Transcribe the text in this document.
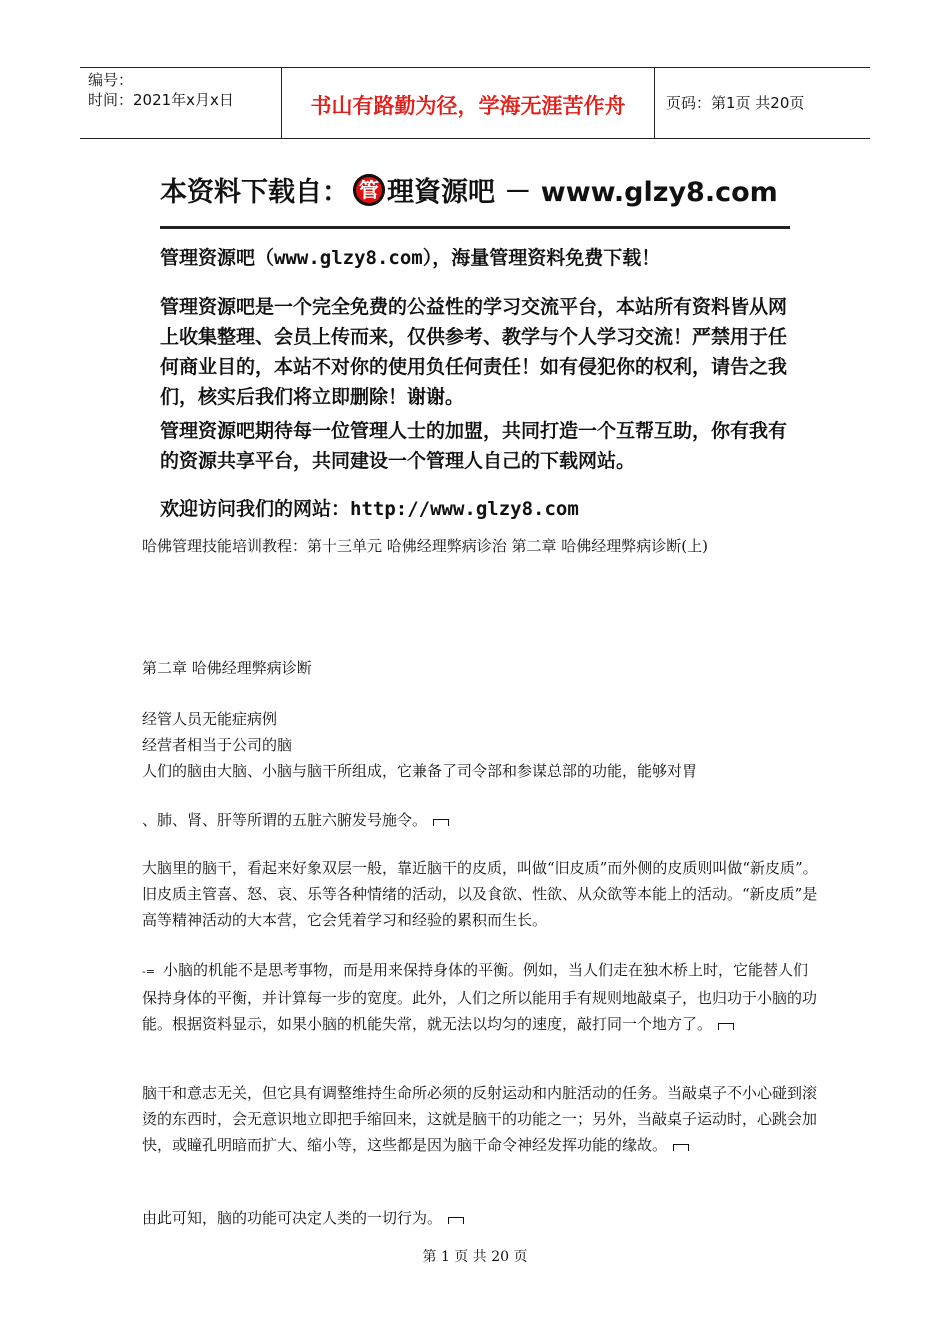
编号：
时间：2021年x月x日	书山有路勤为径，学海无涯苦作舟	页码：第1页 共20页
本资料下载自： 管 理資源吧 － www.glzy8.com
管理资源吧（www.glzy8.com），海量管理资料免费下载！
管理资源吧是一个完全免费的公益性的学习交流平台，本站所有资料皆从网上收集整理、会员上传而来，仅供参考、教学与个人学习交流！严禁用于任何商业目的，本站不对你的使用负任何责任！如有侵犯你的权利，请告之我们，核实后我们将立即删除！谢谢。
管理资源吧期待每一位管理人士的加盟，共同打造一个互帮互助，你有我有的资源共享平台，共同建设一个管理人自己的下载网站。
欢迎访问我们的网站：http://www.glzy8.com
哈佛管理技能培训教程：第十三单元 哈佛经理弊病诊治 第二章 哈佛经理弊病诊断(上)
第二章 哈佛经理弊病诊断
经管人员无能症病例
经营者相当于公司的脑
人们的脑由大脑、小脑与脑干所组成，它兼备了司令部和参谋总部的功能，能够对胃
、肺、肾、肝等所谓的五脏六腑发号施令。
大脑里的脑干，看起来好象双层一般，靠近脑干的皮质，叫做“旧皮质”而外侧的皮质则叫做“新皮质”。旧皮质主管喜、怒、哀、乐等各种情绪的活动，以及食欲、性欲、从众欲等本能上的活动。“新皮质”是高等精神活动的大本营，它会凭着学习和经验的累积而生长。
-= 小脑的机能不是思考事物，而是用来保持身体的平衡。例如，当人们走在独木桥上时，它能替人们保持身体的平衡，并计算每一步的宽度。此外，人们之所以能用手有规则地敲桌子，也归功于小脑的功能。根据资料显示，如果小脑的机能失常，就无法以均匀的速度，敲打同一个地方了。
脑干和意志无关，但它具有调整维持生命所必须的反射运动和内脏活动的任务。当敲桌子不小心碰到滚烫的东西时，会无意识地立即把手缩回来，这就是脑干的功能之一；另外，当敲桌子运动时，心跳会加快，或瞳孔明暗而扩大、缩小等，这些都是因为脑干命令神经发挥功能的缘故。
由此可知，脑的功能可决定人类的一切行为。
第 1 页 共 20 页
